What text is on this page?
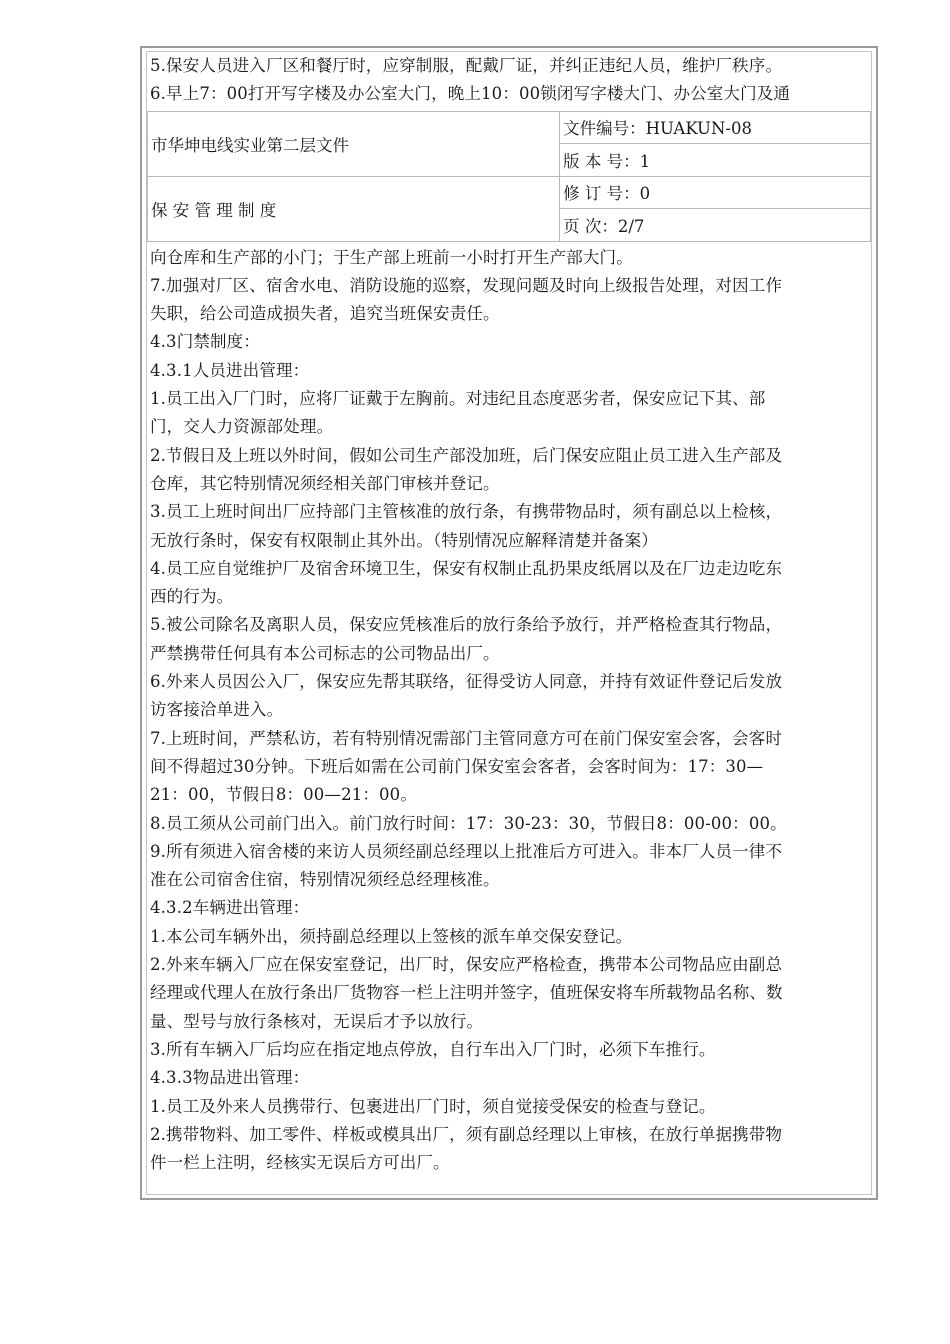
5.保安人员进入厂区和餐厅时，应穿制服，配戴厂证，并纠正违纪人员，维护厂秩序。
6.早上7：00打开写字楼及办公室大门，晚上10：00锁闭写字楼大门、办公室大门及通
市华坤电线实业第二层文件	文件编号：HUAKUN-08
	版 本 号：1
保 安 管 理 制 度	修 订 号：0
	页 次：2/7
向仓库和生产部的小门；于生产部上班前一小时打开生产部大门。
7.加强对厂区、宿舍水电、消防设施的巡察，发现问题及时向上级报告处理，对因工作
失职，给公司造成损失者，追究当班保安责任。
4.3门禁制度：
4.3.1人员进出管理：
1.员工出入厂门时，应将厂证戴于左胸前。对违纪且态度恶劣者，保安应记下其、部
门，交人力资源部处理。
2.节假日及上班以外时间，假如公司生产部没加班，后门保安应阻止员工进入生产部及
仓库，其它特别情况须经相关部门审核并登记。
3.员工上班时间出厂应持部门主管核准的放行条，有携带物品时，须有副总以上检核，
无放行条时，保安有权限制止其外出。（特别情况应解释清楚并备案）
4.员工应自觉维护厂及宿舍环境卫生，保安有权制止乱扔果皮纸屑以及在厂边走边吃东
西的行为。
5.被公司除名及离职人员，保安应凭核准后的放行条给予放行，并严格检查其行物品，
严禁携带任何具有本公司标志的公司物品出厂。
6.外来人员因公入厂，保安应先帮其联络，征得受访人同意，并持有效证件登记后发放
访客接洽单进入。
7.上班时间，严禁私访，若有特别情况需部门主管同意方可在前门保安室会客，会客时
间不得超过30分钟。下班后如需在公司前门保安室会客者，会客时间为：17：30—
21：00，节假日8：00—21：00。
8.员工须从公司前门出入。前门放行时间：17：30-23：30，节假日8：00-00：00。
9.所有须进入宿舍楼的来访人员须经副总经理以上批准后方可进入。非本厂人员一律不
准在公司宿舍住宿，特别情况须经总经理核准。
4.3.2车辆进出管理：
1.本公司车辆外出，须持副总经理以上签核的派车单交保安登记。
2.外来车辆入厂应在保安室登记，出厂时，保安应严格检查，携带本公司物品应由副总
经理或代理人在放行条出厂货物容一栏上注明并签字，值班保安将车所载物品名称、数
量、型号与放行条核对，无误后才予以放行。
3.所有车辆入厂后均应在指定地点停放，自行车出入厂门时，必须下车推行。
4.3.3物品进出管理：
1.员工及外来人员携带行、包裹进出厂门时，须自觉接受保安的检查与登记。
2.携带物料、加工零件、样板或模具出厂，须有副总经理以上审核，在放行单据携带物
件一栏上注明，经核实无误后方可出厂。
